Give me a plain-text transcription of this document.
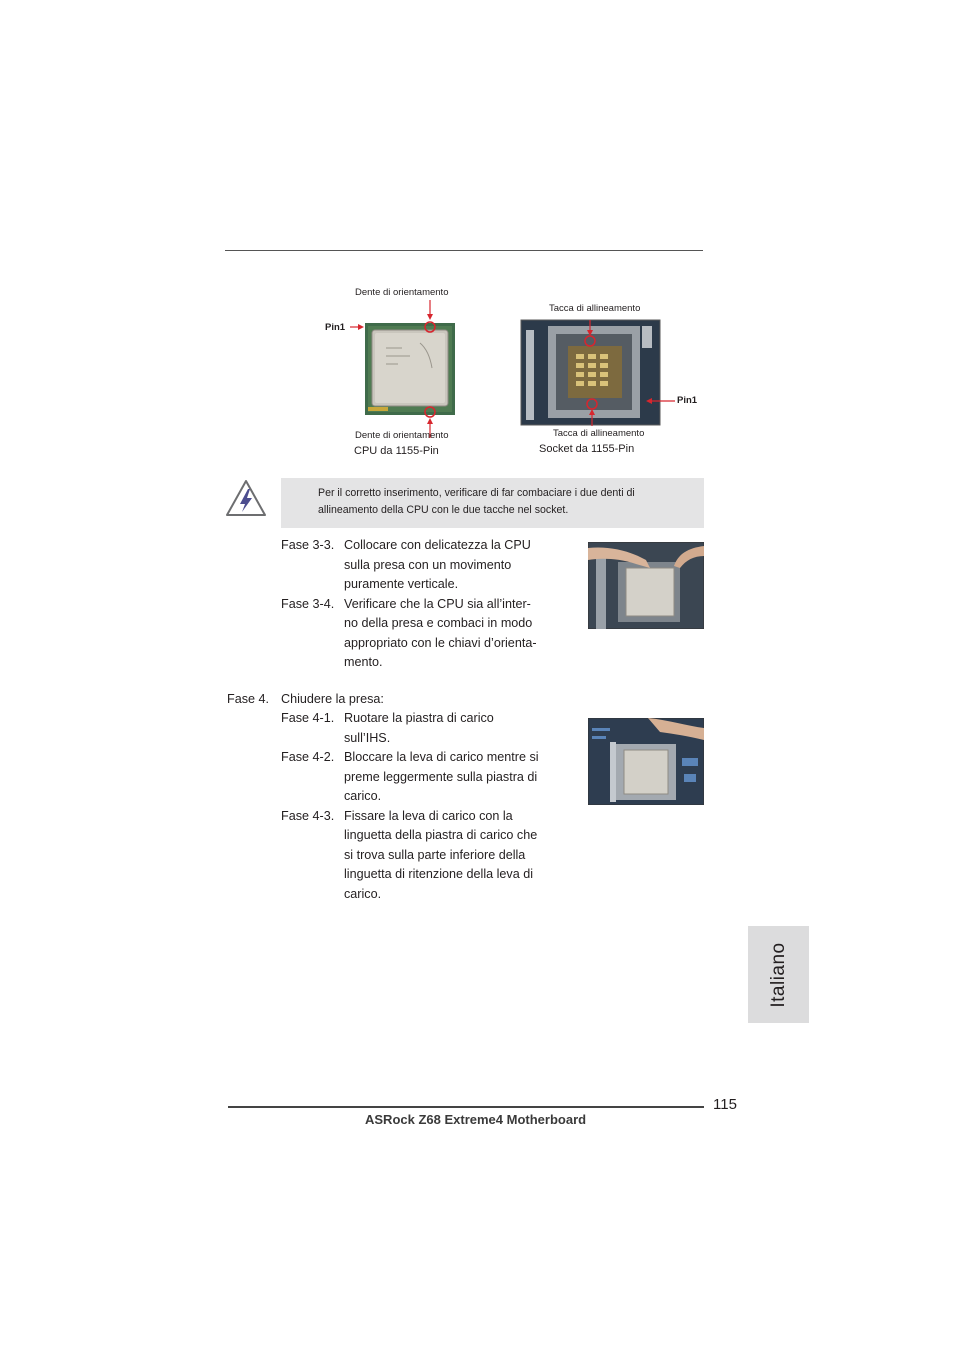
Dente di orientamento
Pin1
Dente di orientamento
CPU da 1155-Pin
Tacca di allineamento
Pin1
Tacca di allineamento
Socket da 1155-Pin
Per il corretto inserimento, verificare di far combaciare i due denti di allineamento della CPU con le due tacche nel socket.
Fase 3-3. Collocare con delicatezza la CPU sulla presa con un movimento puramente verticale.
Fase 3-4. Verificare che la CPU sia all’inter-no della presa e combaci in modo appropriato con le chiavi d’orienta-mento.
Fase 4. Chiudere la presa:
Fase 4-1. Ruotare la piastra di carico sull’IHS.
Fase 4-2. Bloccare la leva di carico mentre si preme leggermente sulla piastra di carico.
Fase 4-3. Fissare la leva di carico con la linguetta della piastra di carico che si trova sulla parte inferiore della linguetta di ritenzione della leva di carico.
Italiano
115
ASRock Z68 Extreme4 Motherboard
